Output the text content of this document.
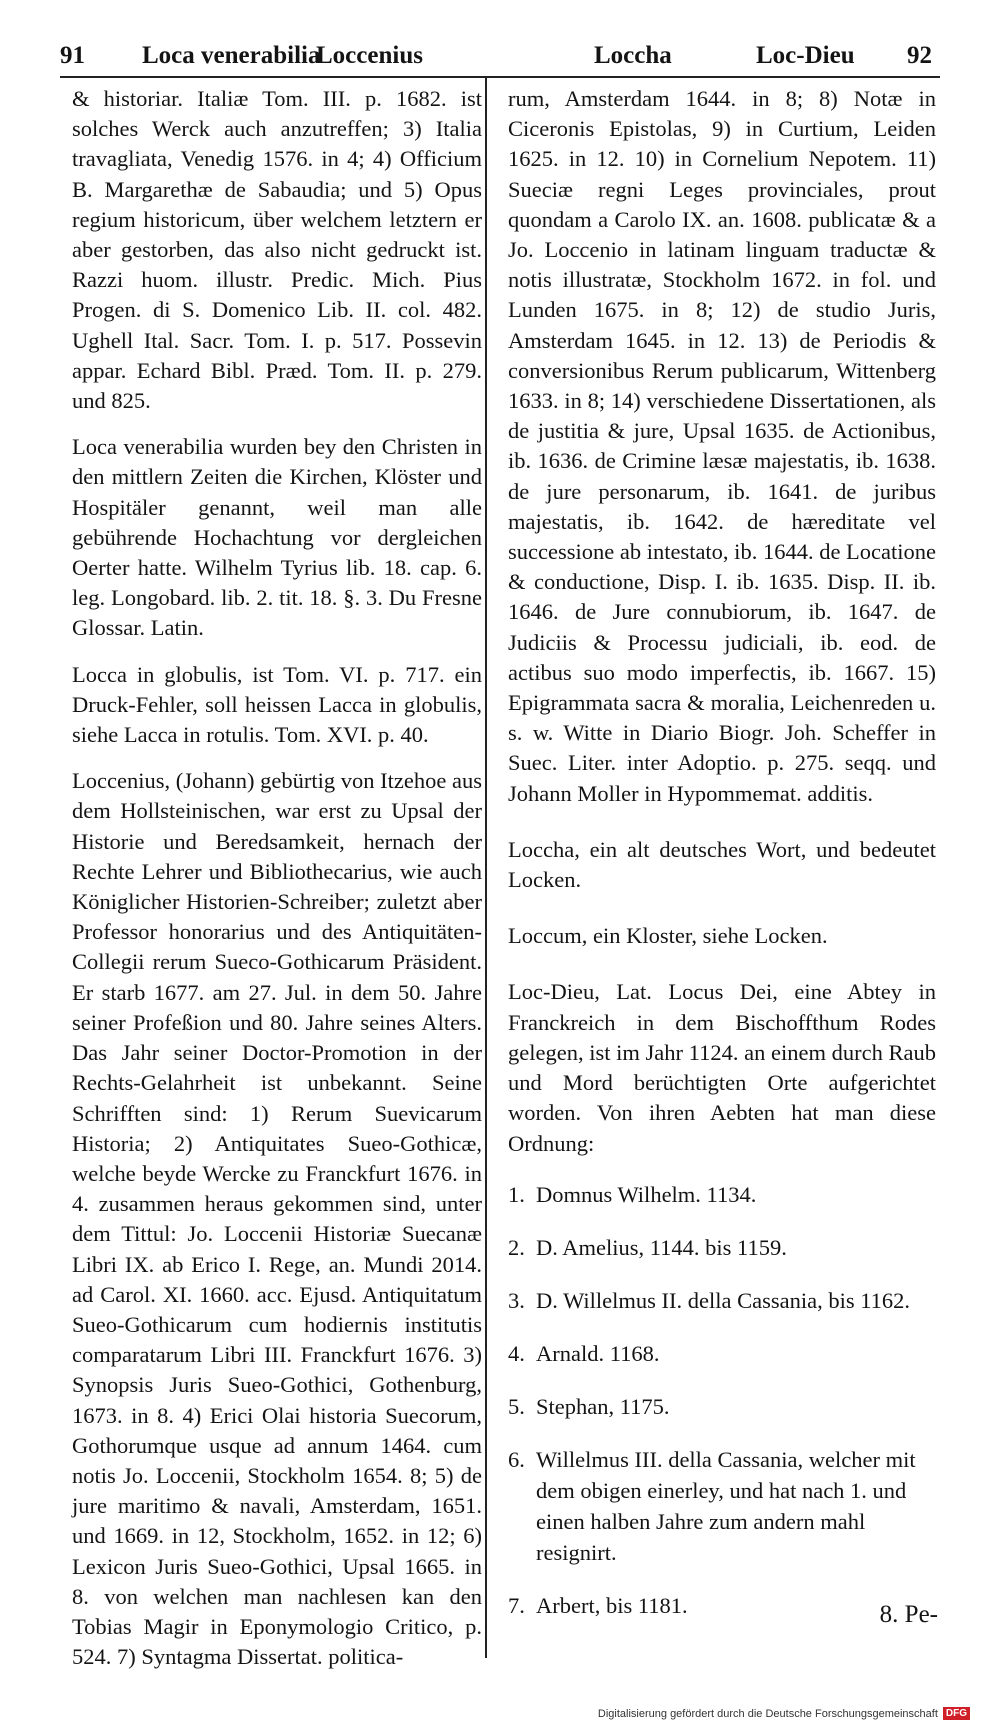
91 Loca venerabilia
Loccenius	Loccha	Loc-Dieu 92

& historiar. Italiæ Tom. III. p. 1682. ist solches Werck auch anzutreffen; 3) Italia travagliata, Venedig 1576. in 4; 4) Officium B. Margarethæ de Sabaudia; und 5) Opus regium historicum, über welchem letztern er aber gestorben, das also nicht gedruckt ist. Razzi huom. illustr. Predic. Mich. Pius Progen. di S. Domenico Lib. II. col. 482. Ughell Ital. Sacr. Tom. I. p. 517. Possevin appar. Echard Bibl. Præd. Tom. II. p. 279. und 825.

Loca venerabilia wurden bey den Christen in den mittlern Zeiten die Kirchen, Klöster und Hospitäler genannt, weil man alle gebührende Hochachtung vor dergleichen Oerter hatte. Wilhelm Tyrius lib. 18. cap. 6. leg. Longobard. lib. 2. tit. 18. §. 3. Du Fresne Glossar. Latin.

Locca in globulis, ist Tom. VI. p. 717. ein Druck-Fehler, soll heissen Lacca in globulis, siehe Lacca in rotulis. Tom. XVI. p. 40.

Loccenius, (Johann) gebürtig von Itzehoe aus dem Hollsteinischen, war erst zu Upsal der Historie und Beredsamkeit, hernach der Rechte Lehrer und Bibliothecarius, wie auch Königlicher Historien-Schreiber; zuletzt aber Professor honorarius und des Antiquitäten-Collegii rerum Sueco-Gothicarum Präsident. Er starb 1677. am 27. Jul. in dem 50. Jahre seiner Profeßion und 80. Jahre seines Alters. Das Jahr seiner Doctor-Promotion in der Rechts-Gelahrheit ist unbekannt. Seine Schrifften sind: 1) Rerum Suevicarum Historia; 2) Antiquitates Sueo-Gothicæ, welche beyde Wercke zu Franckfurt 1676. in 4. zusammen heraus gekommen sind, unter dem Tittul: Jo. Loccenii Historiæ Suecanæ Libri IX. ab Erico I. Rege, an. Mundi 2014. ad Carol. XI. 1660. acc. Ejusd. Antiquitatum Sueo-Gothicarum cum hodiernis institutis comparatarum Libri III. Franckfurt 1676. 3) Synopsis Juris Sueo-Gothici, Gothenburg, 1673. in 8. 4) Erici Olai historia Suecorum, Gothorumque usque ad annum 1464. cum notis Jo. Loccenii, Stockholm 1654. 8; 5) de jure maritimo & navali, Amsterdam, 1651. und 1669. in 12, Stockholm, 1652. in 12; 6) Lexicon Juris Sueo-Gothici, Upsal 1665. in 8. von welchen man nachlesen kan den Tobias Magir in Eponymologio Critico, p. 524. 7) Syntagma Dissertat. politica-

rum, Amsterdam 1644. in 8; 8) Notæ in Ciceronis Epistolas, 9) in Curtium, Leiden 1625. in 12. 10) in Cornelium Nepotem. 11) Sueciæ regni Leges provinciales, prout quondam a Carolo IX. an. 1608. publicatæ & a Jo. Loccenio in latinam linguam traductæ & notis illustratæ, Stockholm 1672. in fol. und Lunden 1675. in 8; 12) de studio Juris, Amsterdam 1645. in 12. 13) de Periodis & conversionibus Rerum publicarum, Wittenberg 1633. in 8; 14) verschiedene Dissertationen, als de justitia & jure, Upsal 1635. de Actionibus, ib. 1636. de Crimine læsæ majestatis, ib. 1638. de jure personarum, ib. 1641. de juribus majestatis, ib. 1642. de hæreditate vel successione ab intestato, ib. 1644. de Locatione & conductione, Disp. I. ib. 1635. Disp. II. ib. 1646. de Jure connubiorum, ib. 1647. de Judiciis & Processu judiciali, ib. eod. de actibus suo modo imperfectis, ib. 1667. 15) Epigrammata sacra & moralia, Leichenreden u. s. w. Witte in Diario Biogr. Joh. Scheffer in Suec. Liter. inter Adoptio. p. 275. seqq. und Johann Moller in Hypommemat. additis.

Loccha, ein alt deutsches Wort, und bedeutet Locken.

Loccum, ein Kloster, siehe Locken.

Loc-Dieu, Lat. Locus Dei, eine Abtey in Franckreich in dem Bischoffthum Rodes gelegen, ist im Jahr 1124. an einem durch Raub und Mord berüchtigten Orte aufgerichtet worden. Von ihren Aebten hat man diese Ordnung:

1. Domnus Wilhelm. 1134.
2. D. Amelius, 1144. bis 1159.
3. D. Willelmus II. della Cassania, bis 1162.
4. Arnald. 1168.
5. Stephan, 1175.
6. Willelmus III. della Cassania, welcher mit dem obigen einerley, und hat nach 1. und einen halben Jahre zum andern mahl resignirt.
7. Arbert, bis 1181.	8. Pe-
Digitalisierung gefördert durch die Deutsche Forschungsgemeinschaft DFG
